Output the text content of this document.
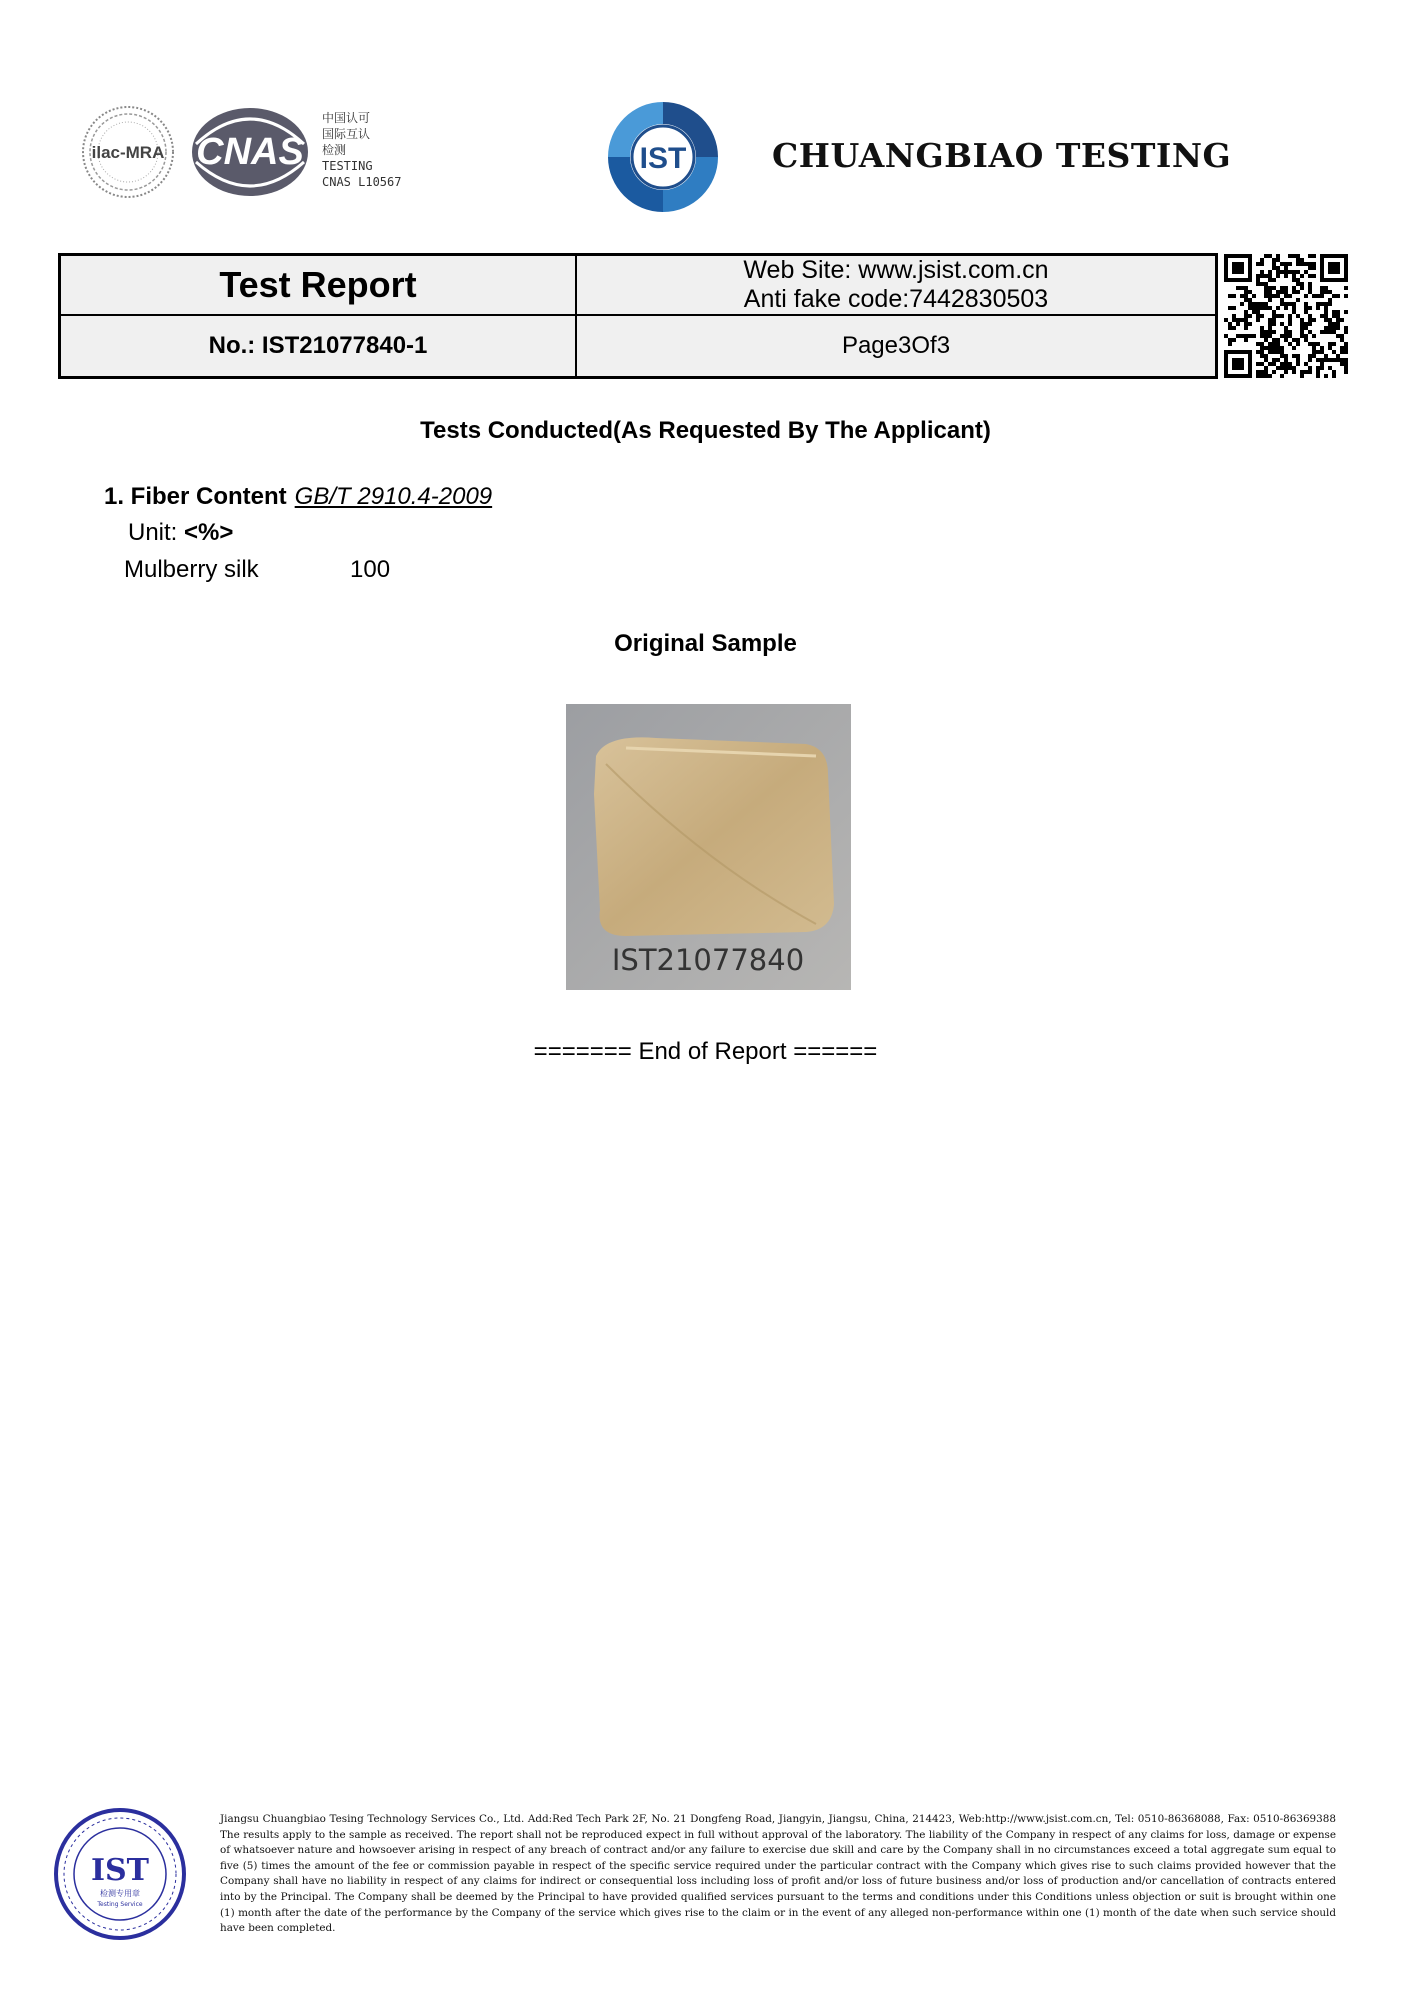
ilac-MRA CNAS
中国认可
国际互认
检测
TESTING
CNAS L10567
IST	CHUANGBIAO TESTING
Test Report	Web Site: www.jsist.com.cn
Anti fake code:7442830503
No.: IST21077840-1	Page3Of3
Tests Conducted(As Requested By The Applicant)
1. Fiber Content GB/T 2910.4-2009
Unit: <%>
Mulberry silk	100
Original Sample
IST21077840
======= End of Report ======
IST
检测专用章
Testing Service
Jiangsu Chuangbiao Tesing Technology Services Co., Ltd. Add:Red Tech Park 2F, No. 21 Dongfeng Road, Jiangyin, Jiangsu, China, 214423, Web:http://www.jsist.com.cn, Tel: 0510-86368088, Fax: 0510-86369388 The results apply to the sample as received. The report shall not be reproduced expect in full without approval of the laboratory. The liability of the Company in respect of any claims for loss, damage or expense of whatsoever nature and howsoever arising in respect of any breach of contract and/or any failure to exercise due skill and care by the Company shall in no circumstances exceed a total aggregate sum equal to five (5) times the amount of the fee or commission payable in respect of the specific service required under the particular contract with the Company which gives rise to such claims provided however that the Company shall have no liability in respect of any claims for indirect or consequential loss including loss of profit and/or loss of future business and/or loss of production and/or cancellation of contracts entered into by the Principal. The Company shall be deemed by the Principal to have provided qualified services pursuant to the terms and conditions under this Conditions unless objection or suit is brought within one (1) month after the date of the performance by the Company of the service which gives rise to the claim or in the event of any alleged non-performance within one (1) month of the date when such service should have been completed.
